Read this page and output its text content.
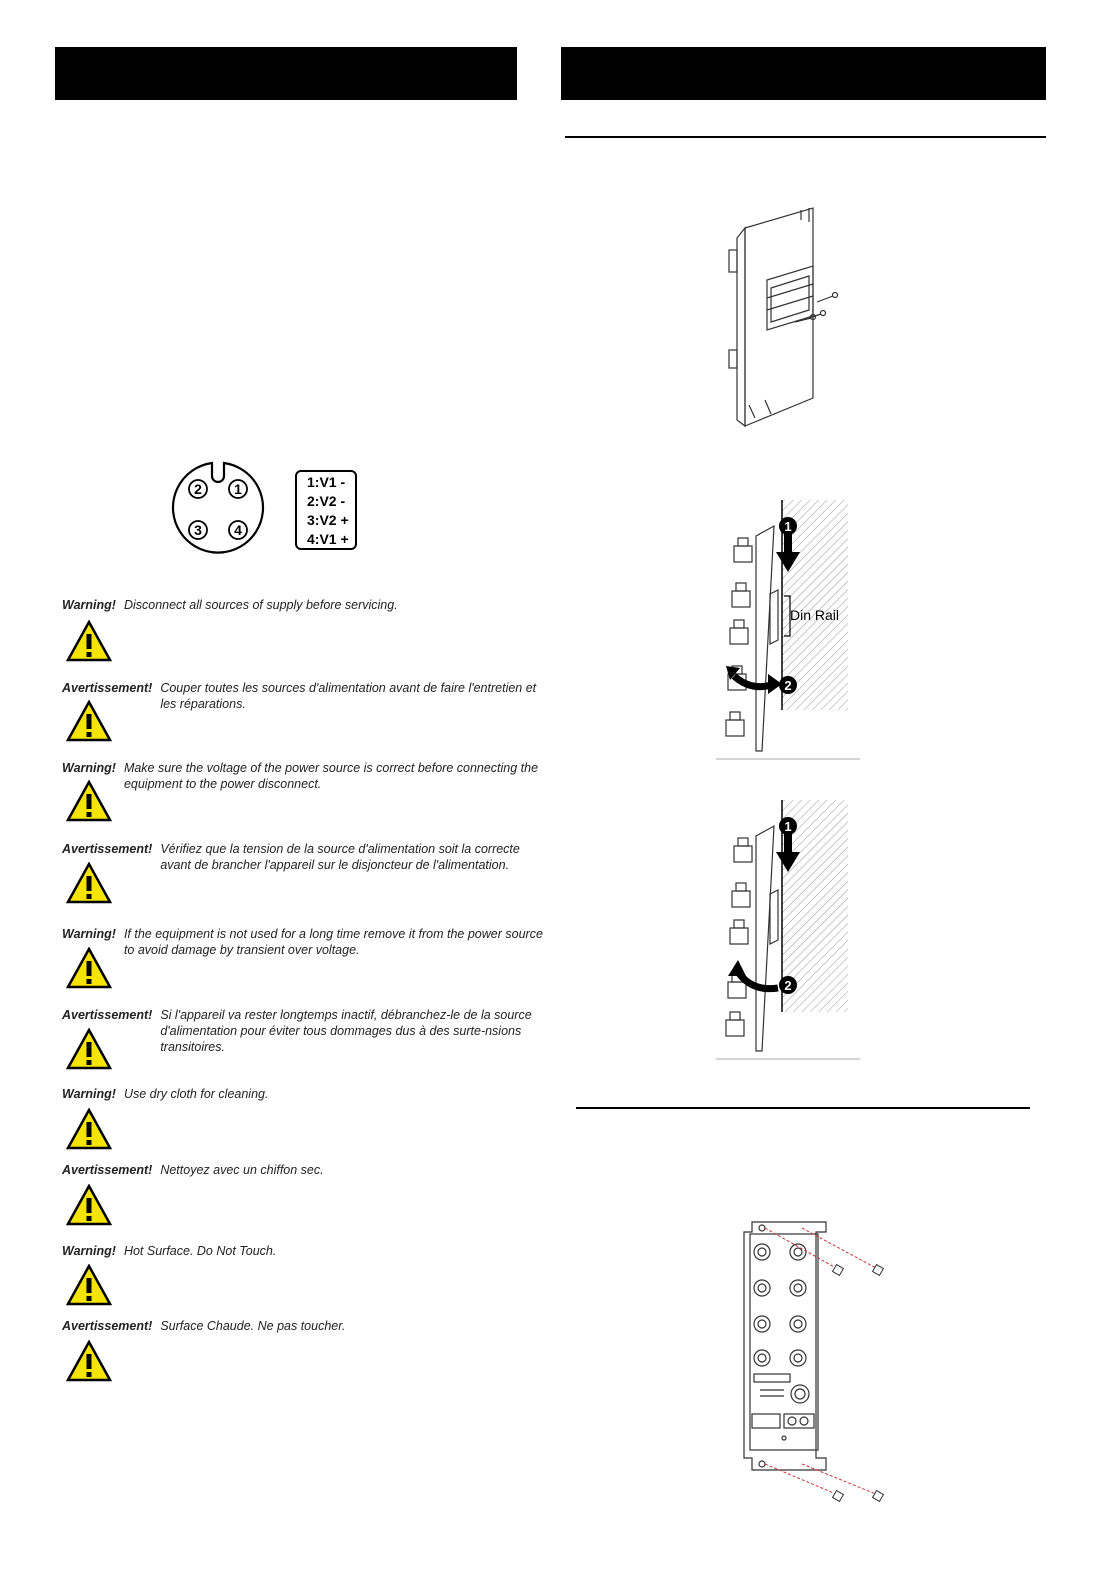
2 1
3 4
1:V1 -
2:V2 -
3:V2 +
4:V1 +
Warning! Disconnect all sources of supply before servicing.
Avertissement! Couper toutes les sources d'alimentation avant de faire l'entretien et les réparations.
Warning! Make sure the voltage of the power source is correct before connecting the equipment to the power disconnect.
Avertissement! Vérifiez que la tension de la source d'alimentation soit la correcte avant de brancher l'appareil sur le disjoncteur de l'alimentation.
Warning! If the equipment is not used for a long time remove it from the power source to avoid damage by transient over voltage.
Avertissement! Si l'appareil va rester longtemps inactif, débranchez-le de la source d'alimentation pour éviter tous dommages dus à des surte-nsions transitoires.
Warning! Use dry cloth for cleaning.
Avertissement! Nettoyez avec un chiffon sec.
Warning! Hot Surface. Do Not Touch.
Avertissement! Surface Chaude. Ne pas toucher.
1
2
Din Rail
1
2
